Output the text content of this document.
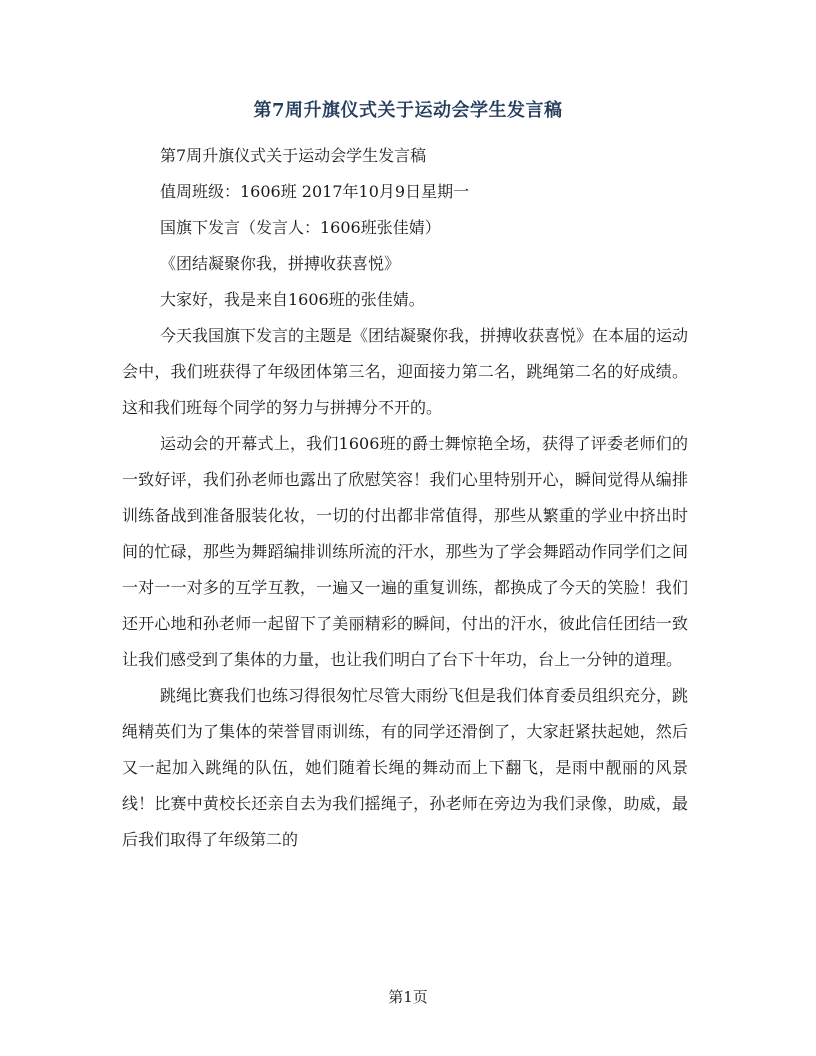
第7周升旗仪式关于运动会学生发言稿

第7周升旗仪式关于运动会学生发言稿

值周班级：1606班 2017年10月9日星期一

国旗下发言（发言人：1606班张佳婧）

《团结凝聚你我，拼搏收获喜悦》

大家好，我是来自1606班的张佳婧。

今天我国旗下发言的主题是《团结凝聚你我，拼搏收获喜悦》在本届的运动会中，我们班获得了年级团体第三名，迎面接力第二名，跳绳第二名的好成绩。这和我们班每个同学的努力与拼搏分不开的。

运动会的开幕式上，我们1606班的爵士舞惊艳全场，获得了评委老师们的一致好评，我们孙老师也露出了欣慰笑容！我们心里特别开心，瞬间觉得从编排训练备战到准备服装化妆，一切的付出都非常值得，那些从繁重的学业中挤出时间的忙碌，那些为舞蹈编排训练所流的汗水，那些为了学会舞蹈动作同学们之间一对一一对多的互学互教，一遍又一遍的重复训练，都换成了今天的笑脸！我们还开心地和孙老师一起留下了美丽精彩的瞬间，付出的汗水，彼此信任团结一致让我们感受到了集体的力量，也让我们明白了台下十年功，台上一分钟的道理。

跳绳比赛我们也练习得很匆忙尽管大雨纷飞但是我们体育委员组织充分，跳绳精英们为了集体的荣誉冒雨训练，有的同学还滑倒了，大家赶紧扶起她，然后又一起加入跳绳的队伍，她们随着长绳的舞动而上下翻飞，是雨中靓丽的风景线！比赛中黄校长还亲自去为我们摇绳子，孙老师在旁边为我们录像，助威，最后我们取得了年级第二的

第1页
